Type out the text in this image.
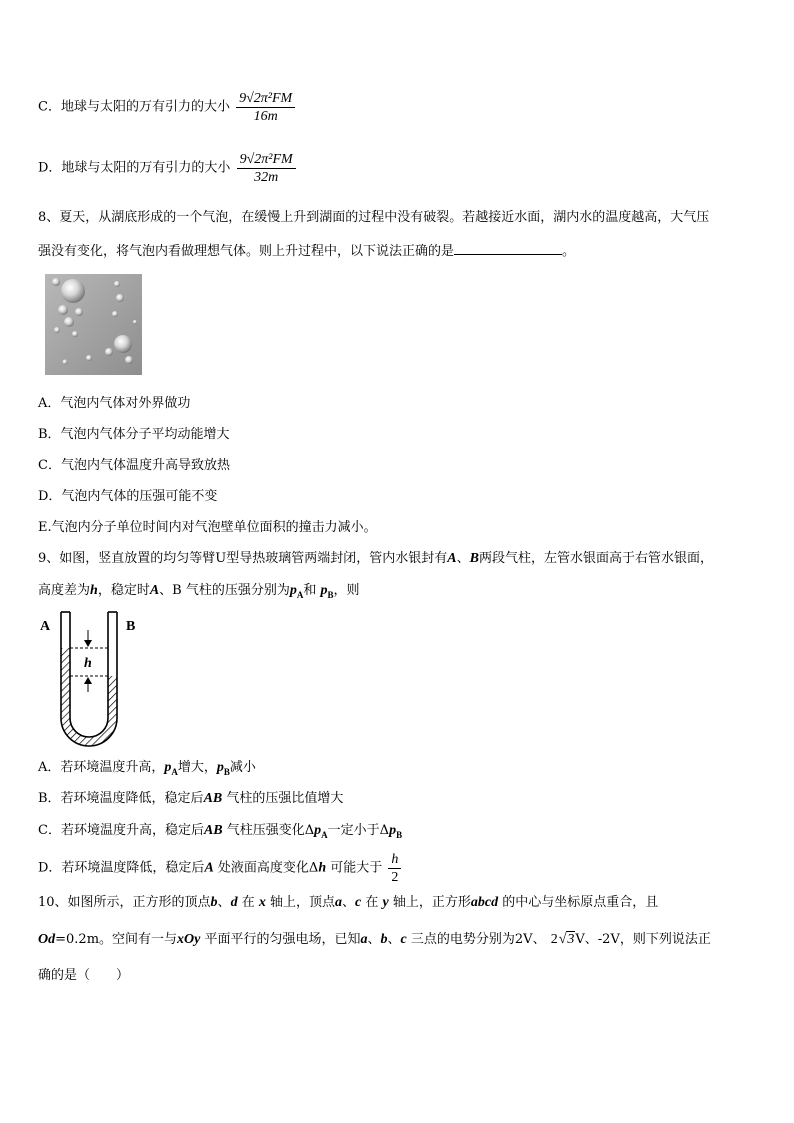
C．地球与太阳的万有引力的大小 $\frac{\text{9√2π²FM}}{16m}$
D．地球与太阳的万有引力的大小 $\frac{\text{9√2π²FM}}{32m}$
8、夏天，从湖底形成的一个气泡，在缓慢上升到湖面的过程中没有破裂。若越接近水面，湖内水的温度越高，大气压
强没有变化，将气泡内看做理想气体。则上升过程中，以下说法正确的是	。
A．气泡内气体对外界做功
B．气泡内气体分子平均动能增大
C．气泡内气体温度升高导致放热
D．气泡内气体的压强可能不变
E.气泡内分子单位时间内对气泡壁单位面积的撞击力减小。
9、如图，竖直放置的均匀等臂U型导热玻璃管两端封闭，管内水银封有A、B两段气柱，左管水银面高于右管水银面，
高度差为h，稳定时A、B 气柱的压强分别为$p_A$和 $p_B$，则
A	B
h
A．若环境温度升高，$p_A$增大，$p_B$减小
B．若环境温度降低，稳定后AB 气柱的压强比值增大
C．若环境温度升高，稳定后AB 气柱压强变化$\Delta p_A$一定小于$\Delta p_B$
D．若环境温度降低，稳定后A 处液面高度变化Δh 可能大于 $\frac{h}{2}$
10、如图所示，正方形的顶点b、d 在 x 轴上，顶点a、c 在 y 轴上，正方形abcd 的中心与坐标原点重合，且
Od=0.2m。空间有一与xOy 平面平行的匀强电场，已知a、b、c 三点的电势分别为2V、 2√3V、-2V，则下列说法正
确的是（　　）
